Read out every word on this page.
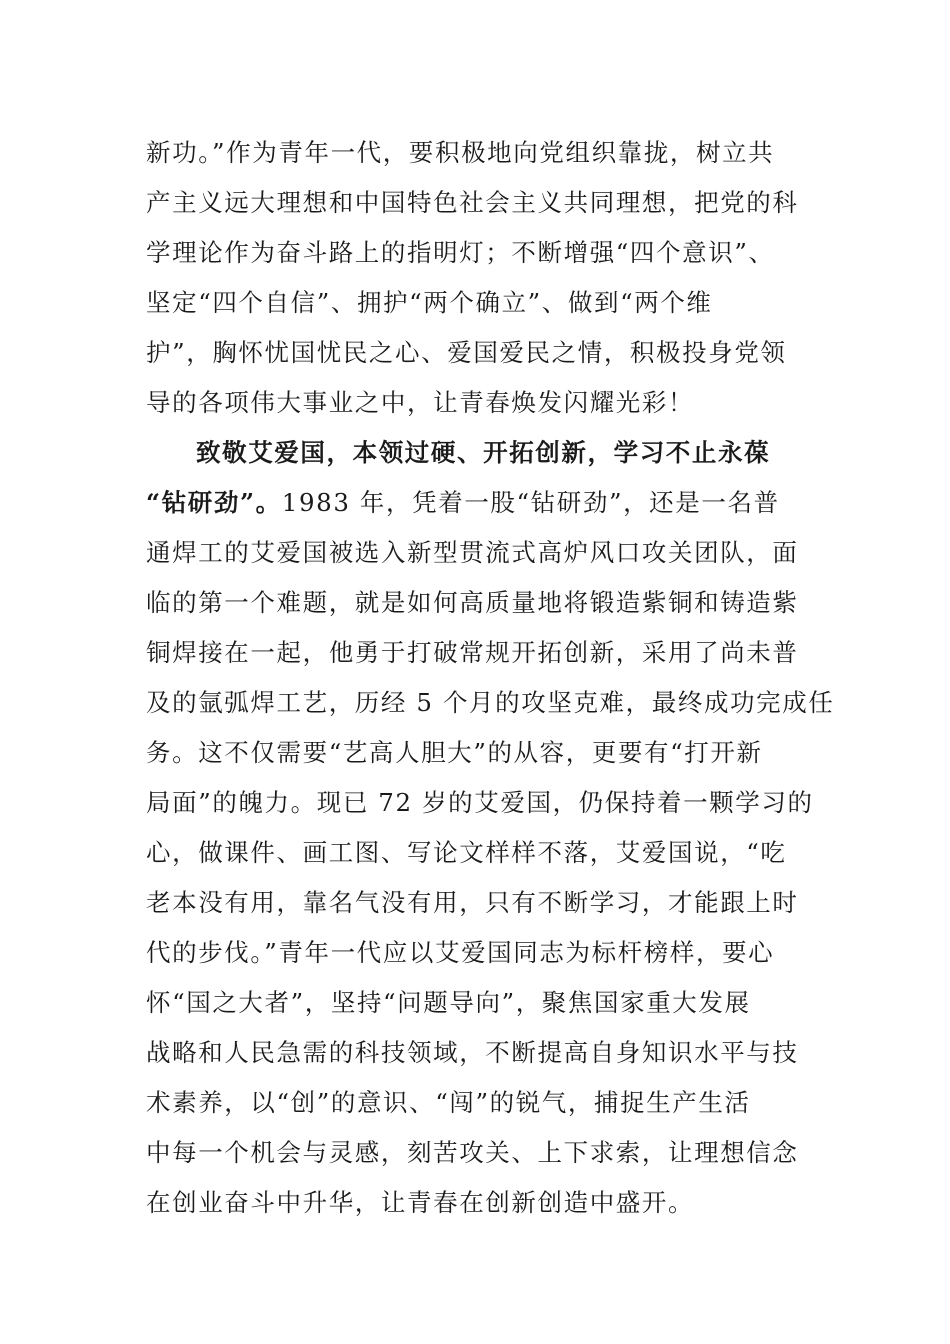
新功。”作为青年一代，要积极地向党组织靠拢，树立共
产主义远大理想和中国特色社会主义共同理想，把党的科
学理论作为奋斗路上的指明灯；不断增强“四个意识”、
坚定“四个自信”、拥护“两个确立”、做到“两个维
护”，胸怀忧国忧民之心、爱国爱民之情，积极投身党领
导的各项伟大事业之中，让青春焕发闪耀光彩！
致敬艾爱国，本领过硬、开拓创新，学习不止永葆
“钻研劲”。1983 年，凭着一股“钻研劲”，还是一名普
通焊工的艾爱国被选入新型贯流式高炉风口攻关团队，面
临的第一个难题，就是如何高质量地将锻造紫铜和铸造紫
铜焊接在一起，他勇于打破常规开拓创新，采用了尚未普
及的氩弧焊工艺，历经 5 个月的攻坚克难，最终成功完成任
务。这不仅需要“艺高人胆大”的从容，更要有“打开新
局面”的魄力。现已 72 岁的艾爱国，仍保持着一颗学习的
心，做课件、画工图、写论文样样不落，艾爱国说，“吃
老本没有用，靠名气没有用，只有不断学习，才能跟上时
代的步伐。”青年一代应以艾爱国同志为标杆榜样，要心
怀“国之大者”，坚持“问题导向”，聚焦国家重大发展
战略和人民急需的科技领域，不断提高自身知识水平与技
术素养，以“创”的意识、“闯”的锐气，捕捉生产生活
中每一个机会与灵感，刻苦攻关、上下求索，让理想信念
在创业奋斗中升华，让青春在创新创造中盛开。
